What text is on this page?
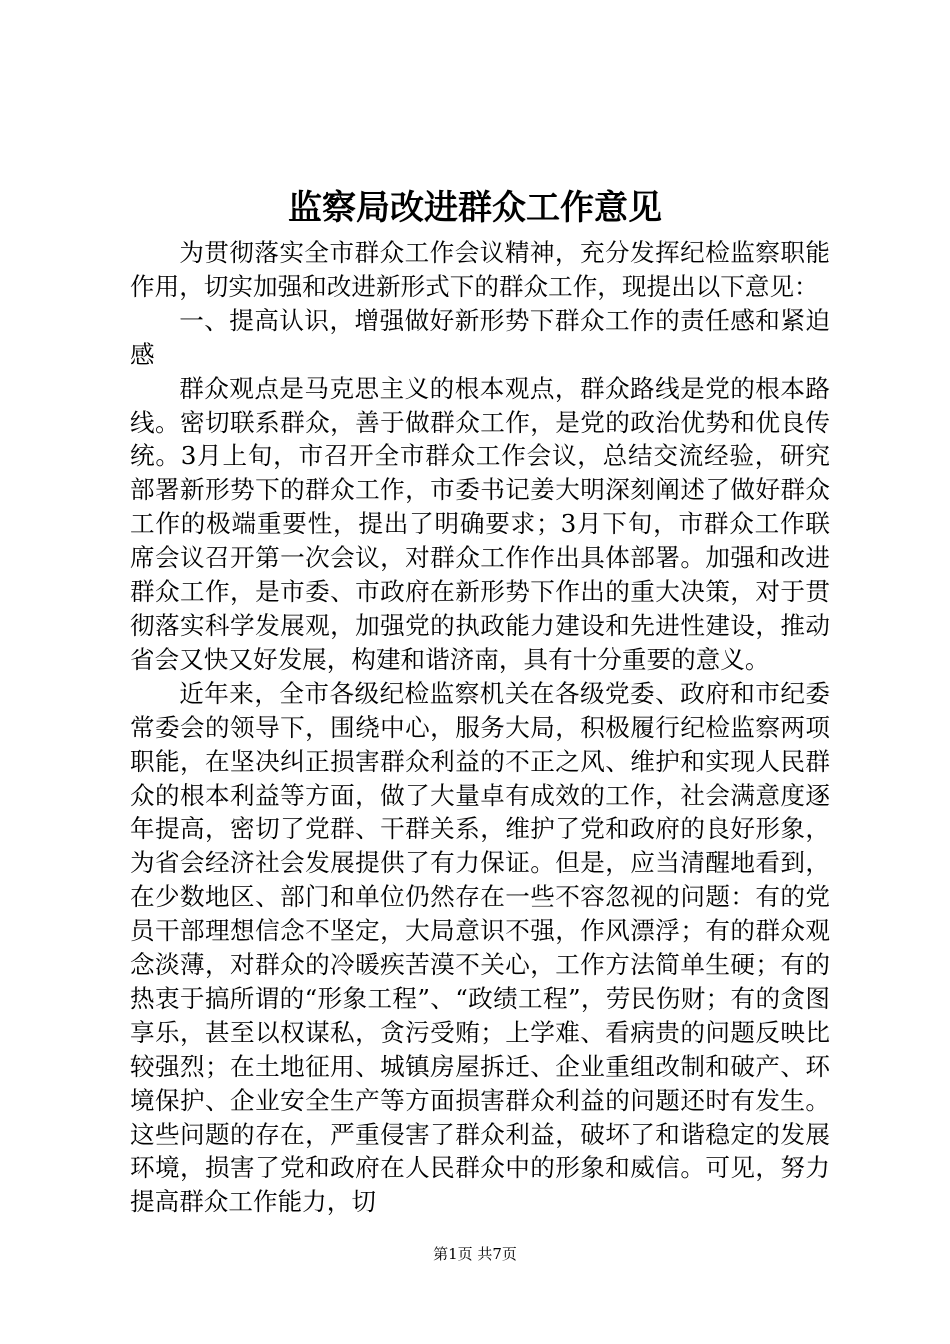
监察局改进群众工作意见

为贯彻落实全市群众工作会议精神，充分发挥纪检监察职能作用，切实加强和改进新形式下的群众工作，现提出以下意见：

一、提高认识，增强做好新形势下群众工作的责任感和紧迫感

群众观点是马克思主义的根本观点，群众路线是党的根本路线。密切联系群众，善于做群众工作，是党的政治优势和优良传统。3月上旬，市召开全市群众工作会议，总结交流经验，研究部署新形势下的群众工作，市委书记姜大明深刻阐述了做好群众工作的极端重要性，提出了明确要求；3月下旬，市群众工作联席会议召开第一次会议，对群众工作作出具体部署。加强和改进群众工作，是市委、市政府在新形势下作出的重大决策，对于贯彻落实科学发展观，加强党的执政能力建设和先进性建设，推动省会又快又好发展，构建和谐济南，具有十分重要的意义。

近年来，全市各级纪检监察机关在各级党委、政府和市纪委常委会的领导下，围绕中心，服务大局，积极履行纪检监察两项职能，在坚决纠正损害群众利益的不正之风、维护和实现人民群众的根本利益等方面，做了大量卓有成效的工作，社会满意度逐年提高，密切了党群、干群关系，维护了党和政府的良好形象，为省会经济社会发展提供了有力保证。但是，应当清醒地看到，在少数地区、部门和单位仍然存在一些不容忽视的问题：有的党员干部理想信念不坚定，大局意识不强，作风漂浮；有的群众观念淡薄，对群众的冷暖疾苦漠不关心，工作方法简单生硬；有的热衷于搞所谓的“形象工程”、“政绩工程”，劳民伤财；有的贪图享乐，甚至以权谋私，贪污受贿；上学难、看病贵的问题反映比较强烈；在土地征用、城镇房屋拆迁、企业重组改制和破产、环境保护、企业安全生产等方面损害群众利益的问题还时有发生。这些问题的存在，严重侵害了群众利益，破坏了和谐稳定的发展环境，损害了党和政府在人民群众中的形象和威信。可见，努力提高群众工作能力，切

第1页 共7页
